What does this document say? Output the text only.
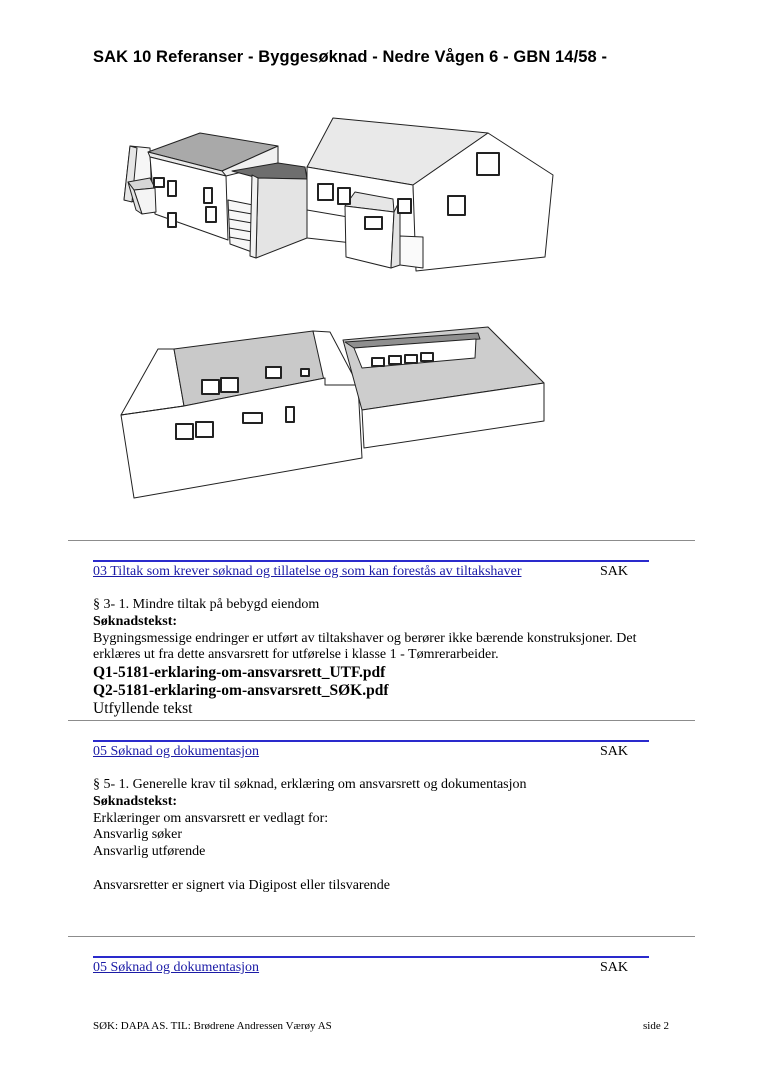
SAK 10 Referanser - Byggesøknad - Nedre Vågen 6 - GBN 14/58 -
03 Tiltak som krever søknad og tillatelse og som kan forestås av tiltakshaver	SAK
§ 3- 1. Mindre tiltak på bebygd eiendom
Søknadstekst:
Bygningsmessige endringer er utført av tiltakshaver og berører ikke bærende konstruksjoner. Det
erklæres ut fra dette ansvarsrett for utførelse i klasse 1 - Tømrerarbeider.
Q1-5181-erklaring-om-ansvarsrett_UTF.pdf
Q2-5181-erklaring-om-ansvarsrett_SØK.pdf
Utfyllende tekst
05 Søknad og dokumentasjon	SAK
§ 5- 1. Generelle krav til søknad, erklæring om ansvarsrett og dokumentasjon
Søknadstekst:
Erklæringer om ansvarsrett er vedlagt for:
Ansvarlig søker
Ansvarlig utførende
Ansvarsretter er signert via Digipost eller tilsvarende
05 Søknad og dokumentasjon	SAK
SØK: DAPA AS. TIL: Brødrene Andressen Værøy AS	side 2
